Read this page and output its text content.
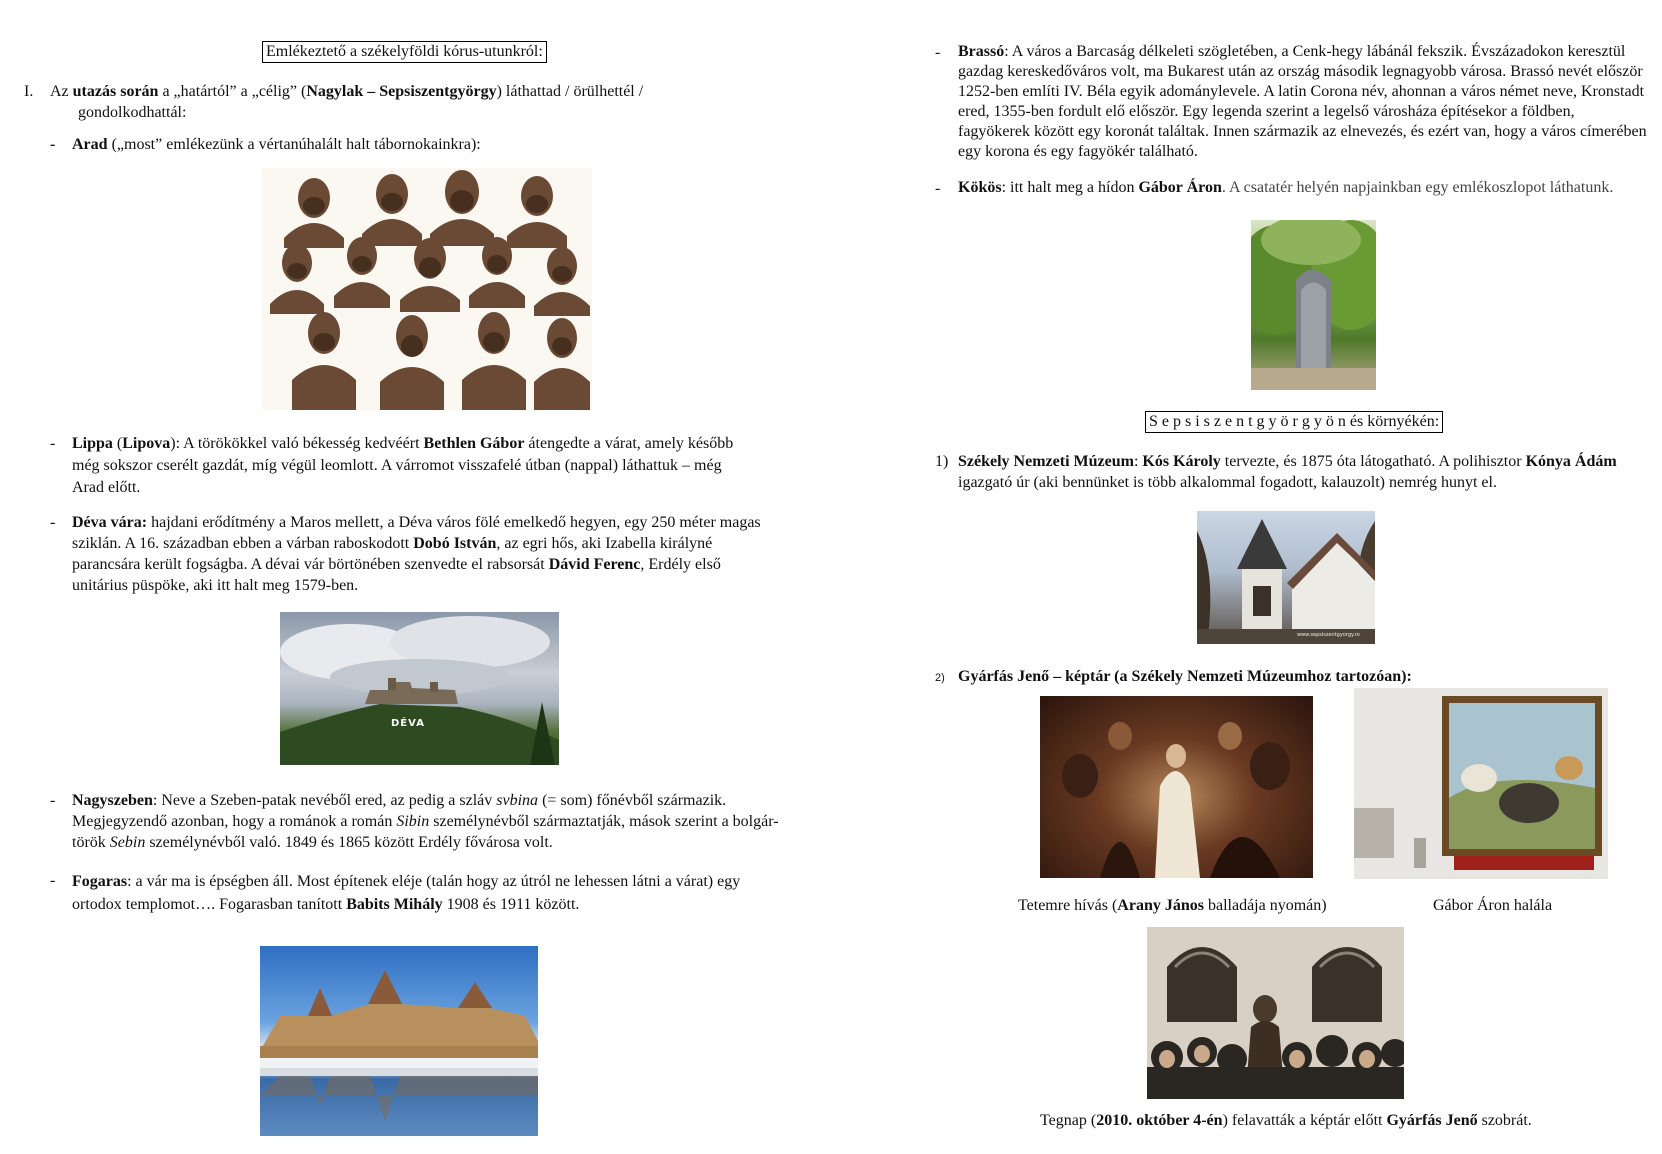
Emlékeztető a székelyföldi kórus-utunkról:
I. Az utazás során a „határtól” a „célig” (Nagylak – Sepsiszentgyörgy) láthattad / örülhettél /
gondolkodhattál:
- Arad („most” emlékezünk a vértanúhalált halt tábornokainkra):
- Lippa (Lipova): A törökökkel való békesség kedvéért Bethlen Gábor átengedte a várat, amely később még sokszor cserélt gazdát, míg végül leomlott. A várromot visszafelé útban (nappal) láthattuk – még Arad előtt.
- Déva vára: hajdani erődítmény a Maros mellett, a Déva város fölé emelkedő hegyen, egy 250 méter magas sziklán. A 16. században ebben a várban raboskodott Dobó István, az egri hős, aki Izabella királyné parancsára került fogságba. A dévai vár börtönében szenvedte el rabsorsát Dávid Ferenc, Erdély első unitárius püspöke, aki itt halt meg 1579-ben.
DÉVA
- Nagyszeben: Neve a Szeben-patak nevéből ered, az pedig a szláv svbina (= som) főnévből származik. Megjegyzendő azonban, hogy a románok a román Sibin személynévből származtatják, mások szerint a bolgár-török Sebin személynévből való. 1849 és 1865 között Erdély fővárosa volt.
- Fogaras: a vár ma is épségben áll. Most építenek eléje (talán hogy az útról ne lehessen látni a várat) egy ortodox templomot…. Fogarasban tanított Babits Mihály 1908 és 1911 között.
- Brassó: A város a Barcaság délkeleti szögletében, a Cenk-hegy lábánál fekszik. Évszázadokon keresztül gazdag kereskedőváros volt, ma Bukarest után az ország második legnagyobb városa. Brassó nevét először 1252-ben említi IV. Béla egyik adománylevele. A latin Corona név, ahonnan a város német neve, Kronstadt ered, 1355-ben fordult elő először. Egy legenda szerint a legelső városháza építésekor a földben, fagyökerek között egy koronát találtak. Innen származik az elnevezés, és ezért van, hogy a város címerében egy korona és egy fagyökér található.
- Kökös: itt halt meg a hídon Gábor Áron. A csatatér helyén napjainkban egy emlékoszlopot láthatunk.
S e p s i s z e n t g y ö r g y ö n és környékén:
1) Székely Nemzeti Múzeum: Kós Károly tervezte, és 1875 óta látogatható. A polihisztor Kónya Ádám igazgató úr (aki bennünket is több alkalommal fogadott, kalauzolt) nemrég hunyt el.
www.sepsiszentgyorgy.ro
2) Gyárfás Jenő – képtár (a Székely Nemzeti Múzeumhoz tartozóan):
Tetemre hívás (Arany János balladája nyomán)	Gábor Áron halála
Tegnap (2010. október 4-én) felavatták a képtár előtt Gyárfás Jenő szobrát.
